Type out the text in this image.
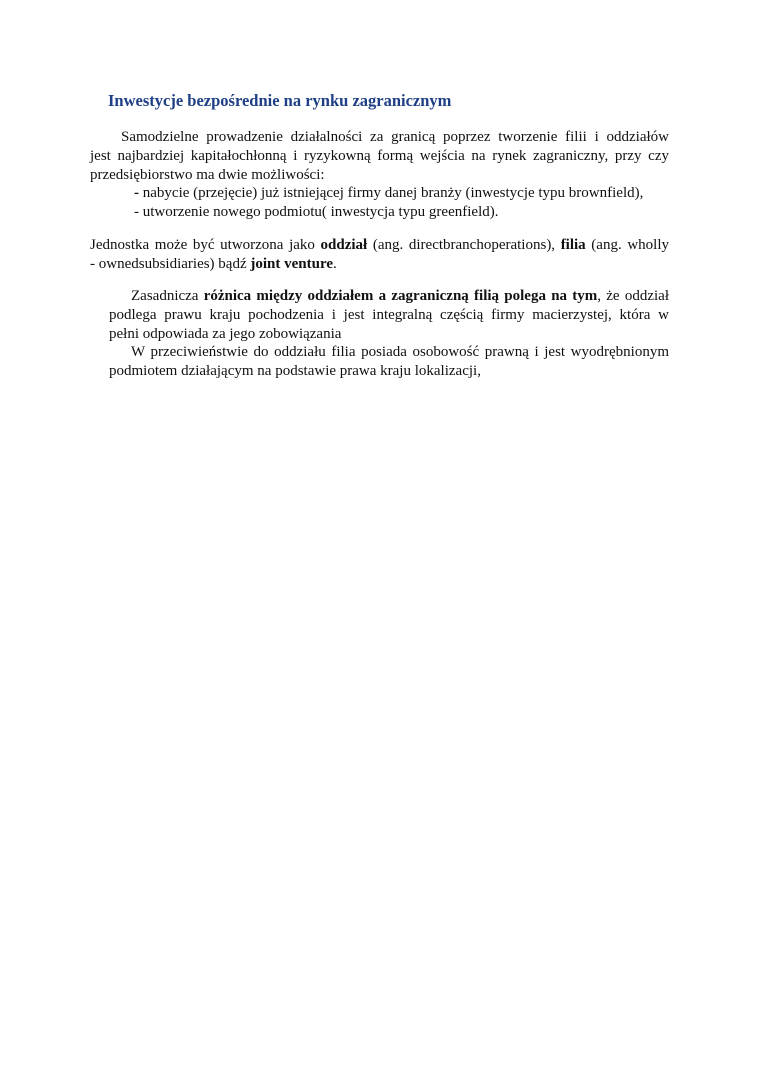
Inwestycje bezpośrednie na rynku zagranicznym

Samodzielne prowadzenie działalności za granicą poprzez tworzenie filii i oddziałów

jest najbardziej kapitałochłonną i ryzykowną formą wejścia na rynek zagraniczny, przy czy

przedsiębiorstwo ma dwie możliwości:

- nabycie (przejęcie) już istniejącej firmy danej branży (inwestycje typu brownfield),

- utworzenie nowego podmiotu( inwestycja typu greenfield).

Jednostka może być utworzona jako oddział (ang. directbranchoperations), filia (ang. wholly

- ownedsubsidiaries) bądź joint venture.

Zasadnicza różnica między oddziałem a zagraniczną filią polega na tym, że oddział

podlega prawu kraju pochodzenia i jest integralną częścią firmy macierzystej, która w

pełni odpowiada za jego zobowiązania

W przeciwieństwie do oddziału filia posiada osobowość prawną i jest wyodrębnionym

podmiotem działającym na podstawie prawa kraju lokalizacji,
